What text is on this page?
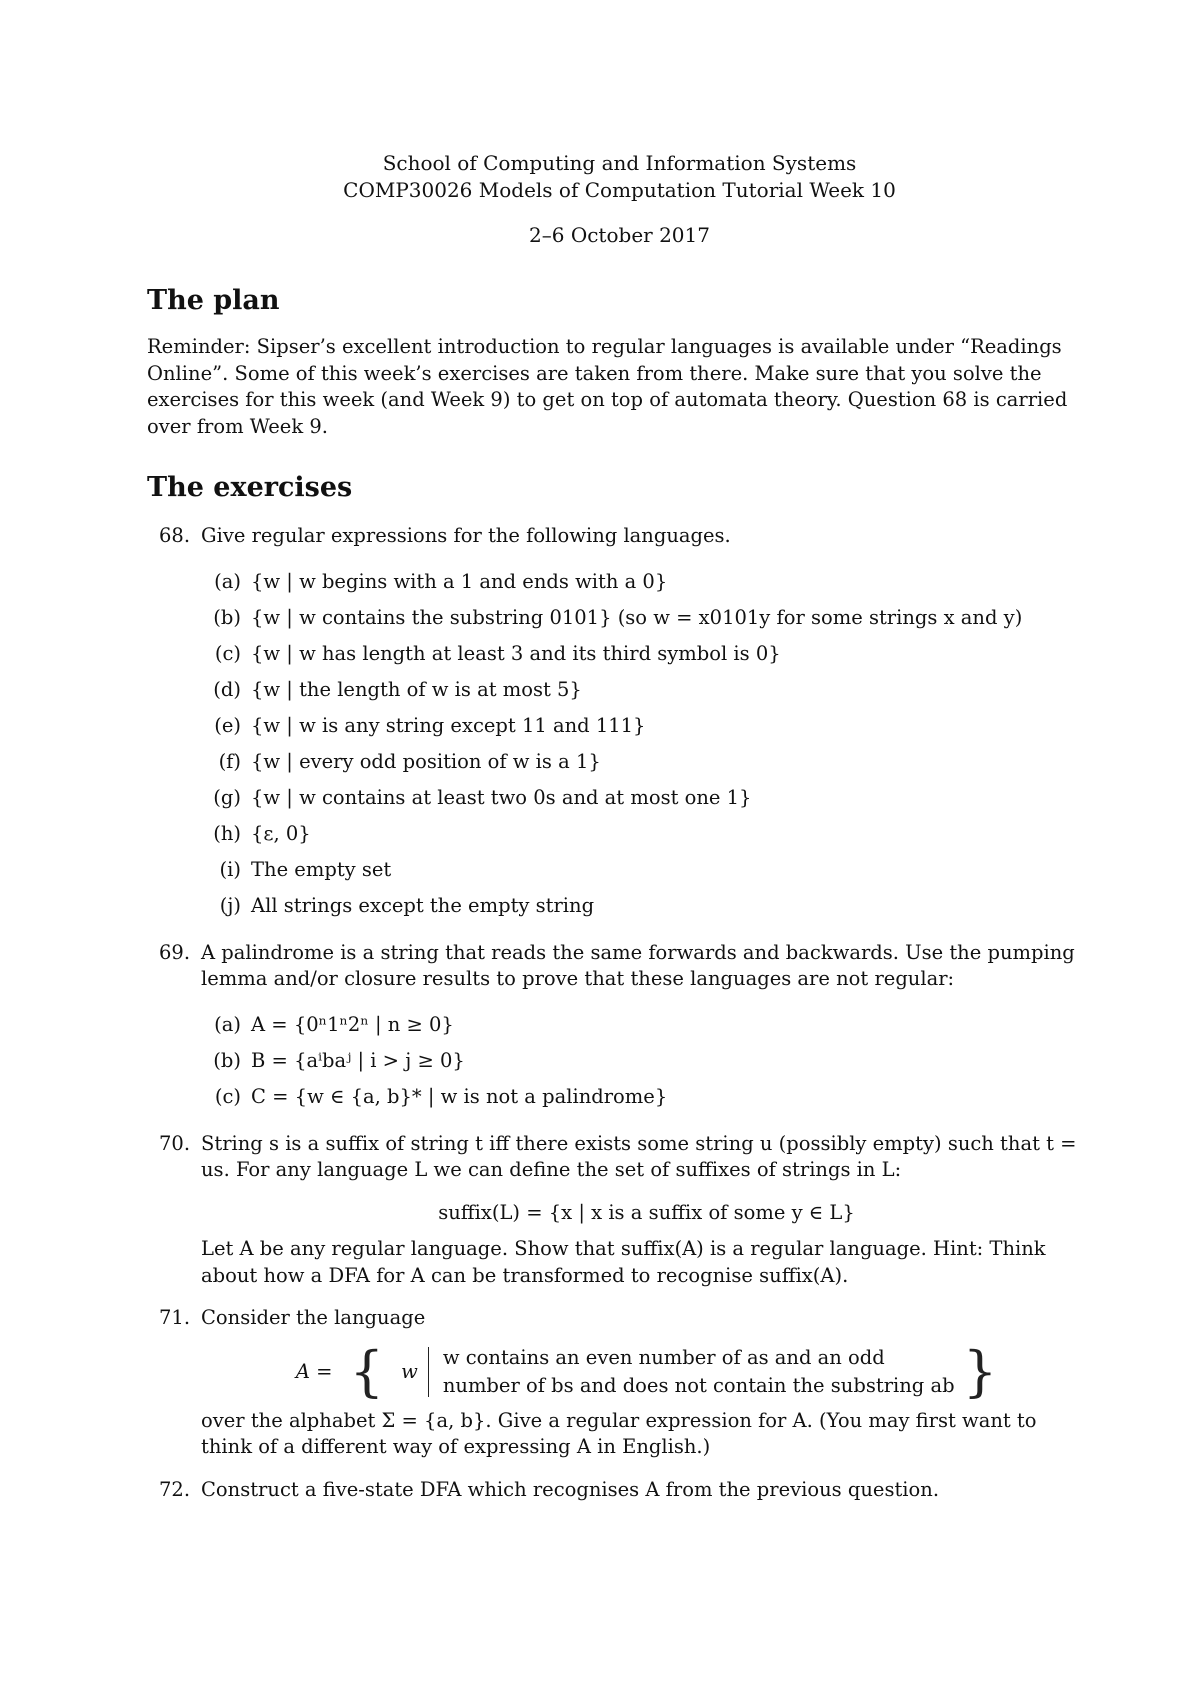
School of Computing and Information Systems
COMP30026 Models of Computation Tutorial Week 10
2–6 October 2017
The plan

Reminder: Sipser’s excellent introduction to regular languages is available under “Readings Online”. Some of this week’s exercises are taken from there. Make sure that you solve the exercises for this week (and Week 9) to get on top of automata theory. Question 68 is carried over from Week 9.

The exercises
68. Give regular expressions for the following languages.
(a) {w | w begins with a 1 and ends with a 0}
(b) {w | w contains the substring 0101} (so w = x0101y for some strings x and y)
(c) {w | w has length at least 3 and its third symbol is 0}
(d) {w | the length of w is at most 5}
(e) {w | w is any string except 11 and 111}
(f) {w | every odd position of w is a 1}
(g) {w | w contains at least two 0s and at most one 1}
(h) {ε, 0}
(i) The empty set
(j) All strings except the empty string
69. A palindrome is a string that reads the same forwards and backwards. Use the pumping lemma and/or closure results to prove that these languages are not regular:
(a) A = {0ⁿ1ⁿ2ⁿ | n ≥ 0}
(b) B = {aⁱbaʲ | i > j ≥ 0}
(c) C = {w ∈ {a, b}* | w is not a palindrome}
70. String s is a suffix of string t iff there exists some string u (possibly empty) such that t = us. For any language L we can define the set of suffixes of strings in L:
suffix(L) = {x | x is a suffix of some y ∈ L}
Let A be any regular language. Show that suffix(A) is a regular language. Hint: Think about how a DFA for A can be transformed to recognise suffix(A).
71. Consider the language
A = { w
w contains an even number of as and an odd
number of bs and does not contain the substring ab }
over the alphabet Σ = {a, b}. Give a regular expression for A. (You may first want to think of a different way of expressing A in English.)
72. Construct a five-state DFA which recognises A from the previous question.
